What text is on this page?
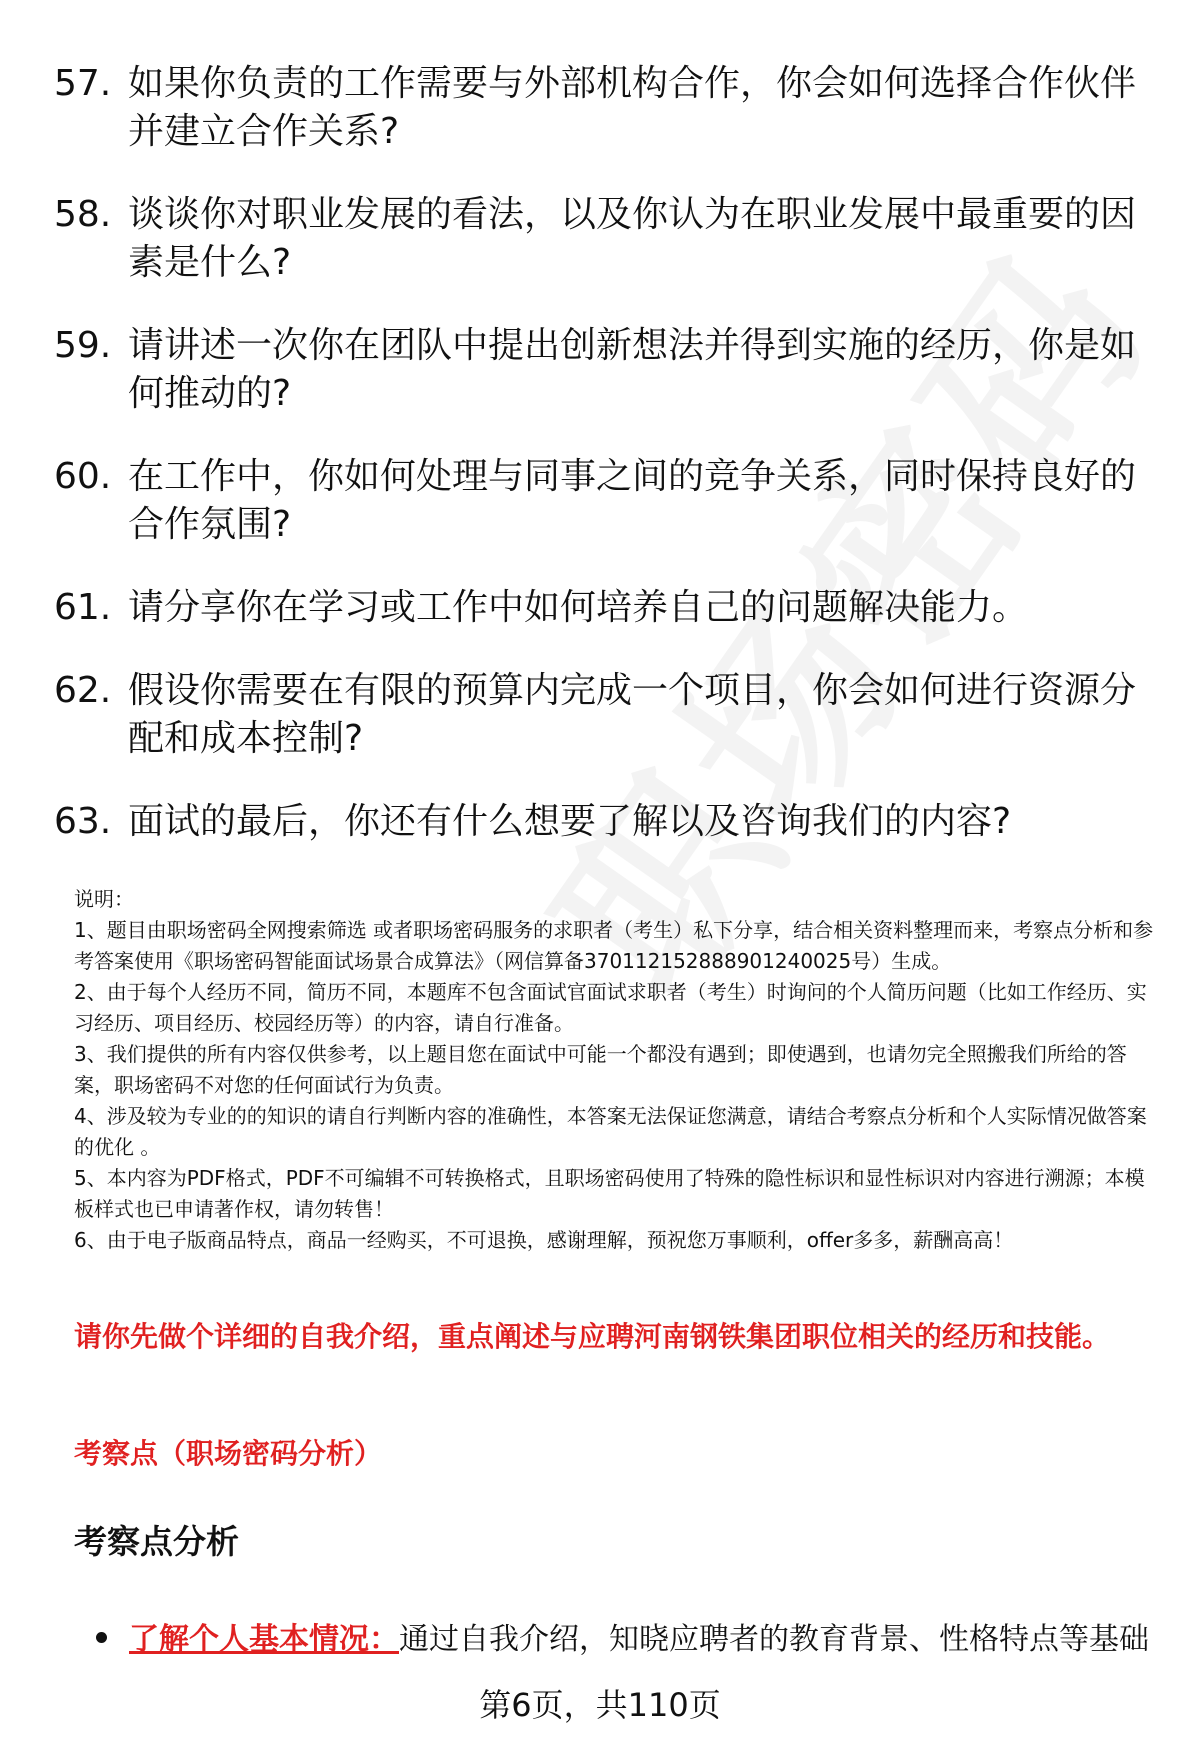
57. 如果你负责的工作需要与外部机构合作，你会如何选择合作伙伴并建立合作关系?
58. 谈谈你对职业发展的看法，以及你认为在职业发展中最重要的因素是什么?
59. 请讲述一次你在团队中提出创新想法并得到实施的经历，你是如何推动的?
60. 在工作中，你如何处理与同事之间的竞争关系，同时保持良好的合作氛围?
61. 请分享你在学习或工作中如何培养自己的问题解决能力。
62. 假设你需要在有限的预算内完成一个项目，你会如何进行资源分配和成本控制?
63. 面试的最后，你还有什么想要了解以及咨询我们的内容?
说明：
1、题目由职场密码全网搜索筛选 或者职场密码服务的求职者（考生）私下分享，结合相关资料整理而来，考察点分析和参考答案使用《职场密码智能面试场景合成算法》（网信算备370112152888901240025号）生成。
2、由于每个人经历不同，简历不同，本题库不包含面试官面试求职者（考生）时询问的个人简历问题（比如工作经历、实习经历、项目经历、校园经历等）的内容，请自行准备。
3、我们提供的所有内容仅供参考，以上题目您在面试中可能一个都没有遇到；即使遇到，也请勿完全照搬我们所给的答案，职场密码不对您的任何面试行为负责。
4、涉及较为专业的的知识的请自行判断内容的准确性，本答案无法保证您满意，请结合考察点分析和个人实际情况做答案的优化 。
5、本内容为PDF格式，PDF不可编辑不可转换格式，且职场密码使用了特殊的隐性标识和显性标识对内容进行溯源；本模板样式也已申请著作权，请勿转售！
6、由于电子版商品特点，商品一经购买，不可退换，感谢理解，预祝您万事顺利，offer多多，薪酬高高！
请你先做个详细的自我介绍，重点阐述与应聘河南钢铁集团职位相关的经历和技能。
考察点（职场密码分析）
考察点分析
了解个人基本情况：通过自我介绍，知晓应聘者的教育背景、性格特点等基础
第6页，共110页
